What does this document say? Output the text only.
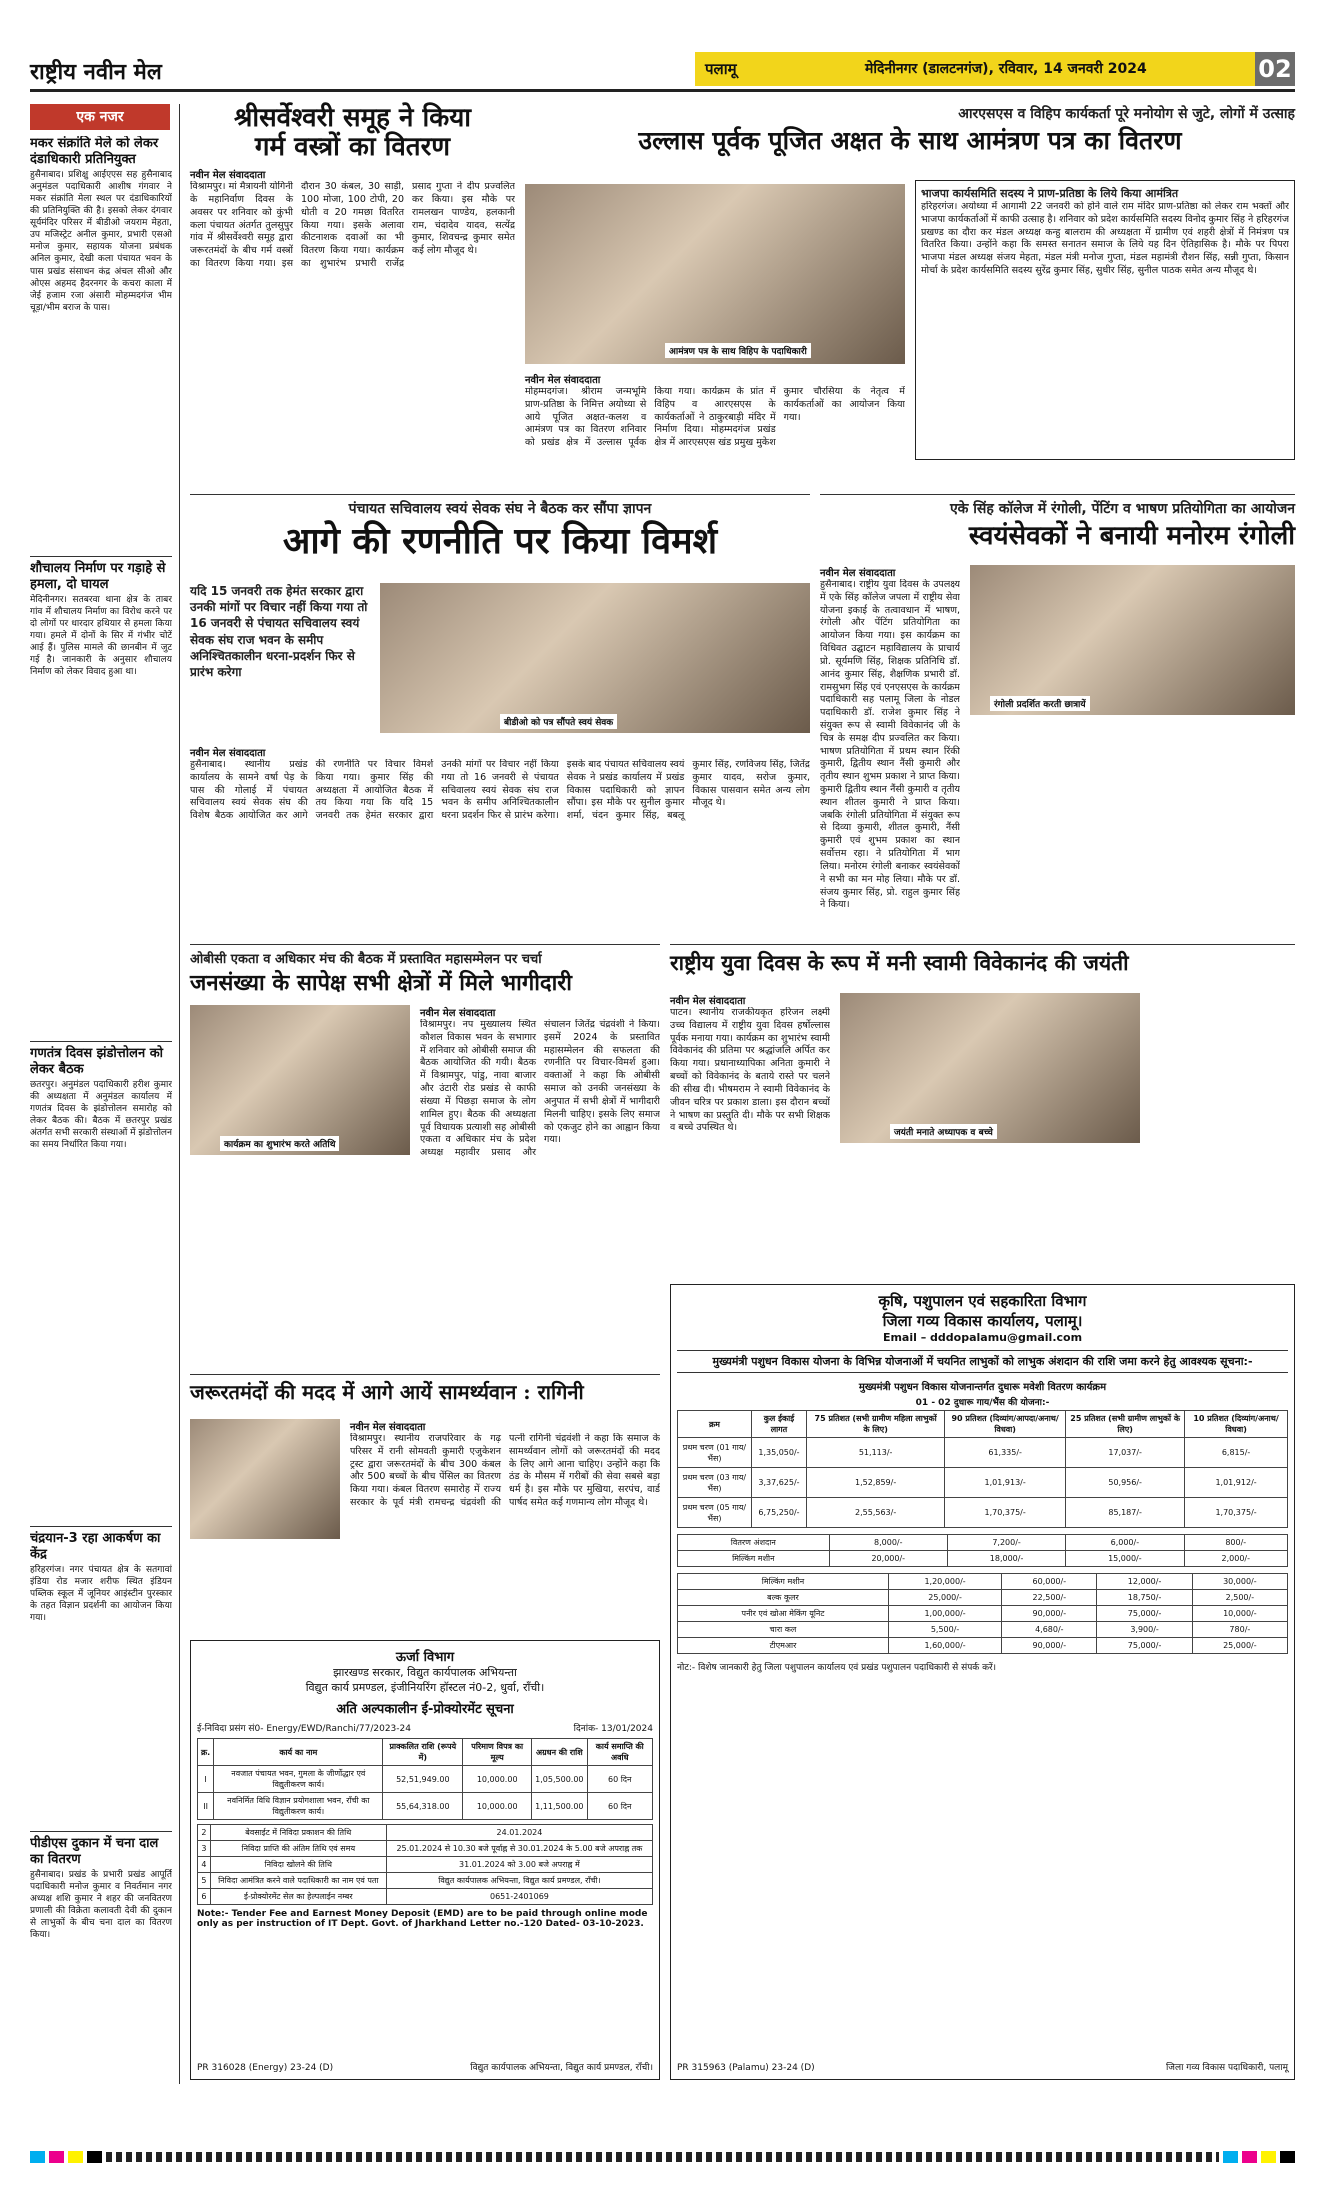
राष्ट्रीय नवीन मेल	पलामू	मेदिनीनगर (डालटनगंज), रविवार, 14 जनवरी 2024	02
एक नजर
मकर संक्रांति मेले को लेकर दंडाधिकारी प्रतिनियुक्त
हुसैनाबाद। प्रशिक्षु आईएएस सह हुसैनाबाद अनुमंडल पदाधिकारी आशीष गंगवार ने मकर संक्रांति मेला स्थल पर दंडाधिकारियों की प्रतिनियुक्ति की है। इसको लेकर दंगवार सूर्यमंदिर परिसर में बीडीओ जयराम मेहता, उप मजिस्ट्रेट अनील कुमार, प्रभारी एसओ मनोज कुमार, सहायक योजना प्रबंधक अनिल कुमार, देखी कला पंचायत भवन के पास प्रखंड संसाधन कंद्र अंचल सीओ और ओएस अहमद हैदरनगर के कचरा काला में जेई हजाम रजा अंसारी मोहम्मदगंज भीम चूड़ा/भीम बराज के पास।
शौचालय निर्माण पर गड़ाहे से हमला, दो घायल
मेदिनीनगर। सतबरवा थाना क्षेत्र के ताबर गांव में शौचालय निर्माण का विरोध करने पर दो लोगों पर धारदार हथियार से हमला किया गया। हमले में दोनों के सिर में गंभीर चोटें आई हैं। पुलिस मामले की छानबीन में जुट गई है। जानकारी के अनुसार शौचालय निर्माण को लेकर विवाद हुआ था।
गणतंत्र दिवस झंडोत्तोलन को लेकर बैठक
छतरपुर। अनुमंडल पदाधिकारी हरीश कुमार की अध्यक्षता में अनुमंडल कार्यालय में गणतंत्र दिवस के झंडोत्तोलन समारोह को लेकर बैठक की। बैठक में छतरपुर प्रखंड अंतर्गत सभी सरकारी संस्थाओं में झंडोत्तोलन का समय निर्धारित किया गया।
चंद्रयान-3 रहा आकर्षण का केंद्र
हरिहरगंज। नगर पंचायत क्षेत्र के सतगावां इंडिया रोड मजार शरीफ स्थित इंडियन पब्लिक स्कूल में जूनियर आइंस्टीन पुरस्कार के तहत विज्ञान प्रदर्शनी का आयोजन किया गया।
पीडीएस दुकान में चना दाल का वितरण
हुसैनाबाद। प्रखंड के प्रभारी प्रखंड आपूर्ति पदाधिकारी मनोज कुमार व निवर्तमान नगर अध्यक्ष शशि कुमार ने शहर की जनवितरण प्रणाली की विक्रेता कलावती देवी की दुकान से लाभुकों के बीच चना दाल का वितरण किया।
श्रीसर्वेश्वरी समूह ने किया
गर्म वस्त्रों का वितरण
नवीन मेल संवाददाता
विश्रामपुर। मां मैत्रायनी योगिनी के महानिर्वाण दिवस के अवसर पर शनिवार को कुंभी कला पंचायत अंतर्गत तुलसुपुर गांव में श्रीसर्वेश्वरी समूह द्वारा जरूरतमंदों के बीच गर्म वस्त्रों का वितरण किया गया। इस दौरान 30 कंबल, 30 साड़ी, 100 मोजा, 100 टोपी, 20 धोती व 20 गमछा वितरित किया गया। इसके अलावा कीटनाशक दवाओं का भी वितरण किया गया। कार्यक्रम का शुभारंभ प्रभारी राजेंद्र प्रसाद गुप्ता ने दीप प्रज्वलित कर किया। इस मौके पर रामलखन पाण्डेय, हलकानी राम, चंदादेव यादव, सत्येंद्र कुमार, शिवचन्द्र कुमार समेत कई लोग मौजूद थे।
आरएसएस व विहिप कार्यकर्ता पूरे मनोयोग से जुटे, लोगों में उत्साह
उल्लास पूर्वक पूजित अक्षत के साथ आमंत्रण पत्र का वितरण
आमंत्रण पत्र के साथ विहिप के पदाधिकारी
नवीन मेल संवाददाता
मोहम्मदगंज। श्रीराम जन्मभूमि प्राण-प्रतिष्ठा के निमित्त अयोध्या से आये पूजित अक्षत-कलश व आमंत्रण पत्र का वितरण शनिवार को प्रखंड क्षेत्र में उल्लास पूर्वक किया गया। कार्यक्रम के प्रांत में विहिप व आरएसएस के कार्यकर्ताओं ने ठाकुरबाड़ी मंदिर में निर्माण दिया। मोहम्मदगंज प्रखंड क्षेत्र में आरएसएस खंड प्रमुख मुकेश कुमार चौरसिया के नेतृत्व में कार्यकर्ताओं का आयोजन किया गया।
भाजपा कार्यसमिति सदस्य ने प्राण-प्रतिष्ठा के लिये किया आमंत्रित
हरिहरगंज। अयोध्या में आगामी 22 जनवरी को होने वाले राम मंदिर प्राण-प्रतिष्ठा को लेकर राम भक्तों और भाजपा कार्यकर्ताओं में काफी उत्साह है। शनिवार को प्रदेश कार्यसमिति सदस्य विनोद कुमार सिंह ने हरिहरगंज प्रखण्ड का दौरा कर मंडल अध्यक्ष कन्हु बालराम की अध्यक्षता में ग्रामीण एवं शहरी क्षेत्रों में निमंत्रण पत्र वितरित किया। उन्होंने कहा कि समस्त सनातन समाज के लिये यह दिन ऐतिहासिक है। मौके पर पिपरा भाजपा मंडल अध्यक्ष संजय मेहता, मंडल मंत्री मनोज गुप्ता, मंडल महामंत्री रौशन सिंह, सन्नी गुप्ता, किसान मोर्चा के प्रदेश कार्यसमिति सदस्य सुरेंद्र कुमार सिंह, सुधीर सिंह, सुनील पाठक समेत अन्य मौजूद थे।
पंचायत सचिवालय स्वयं सेवक संघ ने बैठक कर सौंपा ज्ञापन
आगे की रणनीति पर किया विमर्श
यदि 15 जनवरी तक हेमंत सरकार द्वारा उनकी मांगों पर विचार नहीं किया गया तो 16 जनवरी से पंचायत सचिवालय स्वयं सेवक संघ राज भवन के समीप अनिश्चितकालीन धरना-प्रदर्शन फिर से प्रारंभ करेगा
बीडीओ को पत्र सौंपते स्वयं सेवक
नवीन मेल संवाददाता
हुसैनाबाद। स्थानीय प्रखंड कार्यालय के सामने वर्षा पेड़ के पास की गोलाई में पंचायत सचिवालय स्वयं सेवक संघ की विशेष बैठक आयोजित कर आगे की रणनीति पर विचार विमर्श किया गया। कुमार सिंह की अध्यक्षता में आयोजित बैठक में तय किया गया कि यदि 15 जनवरी तक हेमंत सरकार द्वारा उनकी मांगों पर विचार नहीं किया गया तो 16 जनवरी से पंचायत सचिवालय स्वयं सेवक संघ राज भवन के समीप अनिश्चितकालीन धरना प्रदर्शन फिर से प्रारंभ करेगा। इसके बाद पंचायत सचिवालय स्वयं सेवक ने प्रखंड कार्यालय में प्रखंड विकास पदाधिकारी को ज्ञापन सौंपा। इस मौके पर सुनील कुमार शर्मा, चंदन कुमार सिंह, बबलू कुमार सिंह, रणविजय सिंह, जितेंद्र कुमार यादव, सरोज कुमार, विकास पासवान समेत अन्य लोग मौजूद थे।
एके सिंह कॉलेज में रंगोली, पेंटिंग व भाषण प्रतियोगिता का आयोजन
स्वयंसेवकों ने बनायी मनोरम रंगोली
नवीन मेल संवाददाता
हुसैनाबाद। राष्ट्रीय युवा दिवस के उपलक्ष्य में एके सिंह कॉलेज जपला में राष्ट्रीय सेवा योजना इकाई के तत्वावधान में भाषण, रंगोली और पेंटिंग प्रतियोगिता का आयोजन किया गया। इस कार्यक्रम का विधिवत उद्घाटन महाविद्यालय के प्राचार्य प्रो. सूर्यमणि सिंह, शिक्षक प्रतिनिधि डॉ. आनंद कुमार सिंह, शैक्षणिक प्रभारी डॉ. रामसुभग सिंह एवं एनएसएस के कार्यक्रम पदाधिकारी सह पलामू जिला के नोडल पदाधिकारी डॉ. राजेश कुमार सिंह ने संयुक्त रूप से स्वामी विवेकानंद जी के चित्र के समक्ष दीप प्रज्वलित कर किया। भाषण प्रतियोगिता में प्रथम स्थान रिंकी कुमारी, द्वितीय स्थान नैंसी कुमारी और तृतीय स्थान शुभम प्रकाश ने प्राप्त किया। कुमारी द्वितीय स्थान नैंसी कुमारी व तृतीय स्थान शीतल कुमारी ने प्राप्त किया। जबकि रंगोली प्रतियोगिता में संयुक्त रूप से दिव्या कुमारी, शीतल कुमारी, नैंसी कुमारी एवं शुभम प्रकाश का स्थान सर्वोत्तम रहा। ने प्रतियोगिता में भाग लिया। मनोरम रंगोली बनाकर स्वयंसेवकों ने सभी का मन मोह लिया। मौके पर डॉ. संजय कुमार सिंह, प्रो. राहुल कुमार सिंह ने किया।
रंगोली प्रदर्शित करती छात्रायें
ओबीसी एकता व अधिकार मंच की बैठक में प्रस्तावित महासम्मेलन पर चर्चा
जनसंख्या के सापेक्ष सभी क्षेत्रों में मिले भागीदारी
कार्यक्रम का शुभारंभ करते अतिथि
नवीन मेल संवाददाता
विश्रामपुर। नप मुख्यालय स्थित कौशल विकास भवन के सभागार में शनिवार को ओबीसी समाज की बैठक आयोजित की गयी। बैठक में विश्रामपुर, पांडु, नावा बाजार और उंटारी रोड प्रखंड से काफी संख्या में पिछड़ा समाज के लोग शामिल हुए। बैठक की अध्यक्षता पूर्व विधायक प्रत्याशी सह ओबीसी एकता व अधिकार मंच के प्रदेश अध्यक्ष महावीर प्रसाद और संचालन जितेंद्र चंद्रवंशी ने किया। इसमें 2024 के प्रस्तावित महासम्मेलन की सफलता की रणनीति पर विचार-विमर्श हुआ। वक्ताओं ने कहा कि ओबीसी समाज को उनकी जनसंख्या के अनुपात में सभी क्षेत्रों में भागीदारी मिलनी चाहिए। इसके लिए समाज को एकजुट होने का आह्वान किया गया।
राष्ट्रीय युवा दिवस के रूप में मनी स्वामी विवेकानंद की जयंती
नवीन मेल संवाददाता
पाटन। स्थानीय राजकीयकृत हरिजन लक्ष्मी उच्च विद्यालय में राष्ट्रीय युवा दिवस हर्षोल्लास पूर्वक मनाया गया। कार्यक्रम का शुभारंभ स्वामी विवेकानंद की प्रतिमा पर श्रद्धांजलि अर्पित कर किया गया। प्रधानाध्यापिका अनिता कुमारी ने बच्चों को विवेकानंद के बताये रास्ते पर चलने की सीख दी। भीषमराम ने स्वामी विवेकानंद के जीवन चरित्र पर प्रकाश डाला। इस दौरान बच्चों ने भाषण का प्रस्तुति दी। मौके पर सभी शिक्षक व बच्चे उपस्थित थे।	जयंती मनाते अध्यापक व बच्चे
जरूरतमंदों की मदद में आगे आयें सामर्थ्यवान : रागिनी
नवीन मेल संवाददाता
विश्रामपुर। स्थानीय राजपरिवार के गढ़ परिसर में रानी सोमवती कुमारी एजुकेशन ट्रस्ट द्वारा जरूरतमंदों के बीच 300 कंबल और 500 बच्चों के बीच पेंसिल का वितरण किया गया। कंबल वितरण समारोह में राज्य सरकार के पूर्व मंत्री रामचन्द्र चंद्रवंशी की पत्नी रागिनी चंद्रवंशी ने कहा कि समाज के सामर्थ्यवान लोगों को जरूरतमंदों की मदद के लिए आगे आना चाहिए। उन्होंने कहा कि ठंड के मौसम में गरीबों की सेवा सबसे बड़ा धर्म है। इस मौके पर मुखिया, सरपंच, वार्ड पार्षद समेत कई गणमान्य लोग मौजूद थे।
ऊर्जा विभाग
झारखण्ड सरकार, विद्युत कार्यपालक अभियन्ता
विद्युत कार्य प्रमण्डल, इंजीनियरिंग हॉस्टल नं0-2, धुर्वा, राँची।
अति अल्पकालीन ई-प्रोक्योरमेंट सूचना
ई-निविदा प्रसंग सं0- Energy/EWD/Ranchi/77/2023-24	दिनांक- 13/01/2024
क्र.	कार्य का नाम	प्राक्कलित राशि (रूपये में)	परिमाण विपत्र का मूल्य	अग्रधन की राशि	कार्य समाप्ति की अवधि
I	नवजात पंचायत भवन, गुमला के जीर्णोद्धार एवं विद्युतीकरण कार्य।	52,51,949.00	10,000.00	1,05,500.00	60 दिन
II	नवनिर्मित विधि विज्ञान प्रयोगशाला भवन, राँची का विद्युतीकरण कार्य।	55,64,318.00	10,000.00	1,11,500.00	60 दिन
2	बेवसाईट में निविदा प्रकाशन की तिथि	24.01.2024
3	निविदा प्राप्ति की अंतिम तिथि एवं समय	25.01.2024 से 10.30 बजे पूर्वाह्न से 30.01.2024 के 5.00 बजे अपराह्न तक
4	निविदा खोलने की तिथि	31.01.2024 को 3.00 बजे अपराह्न में
5	निविदा आमंत्रित करने वाले पदाधिकारी का नाम एवं पता	विद्युत कार्यपालक अभियन्ता, विद्युत कार्य प्रमण्डल, राँची।
6	ई-प्रोक्योरमेंट सेल का हेल्पलाईन नम्बर	0651-2401069
Note:- Tender Fee and Earnest Money Deposit (EMD) are to be paid through online mode only as per instruction of IT Dept. Govt. of Jharkhand Letter no.-120 Dated- 03-10-2023.
PR 316028 (Energy) 23-24 (D)	विद्युत कार्यपालक अभियन्ता, विद्युत कार्य प्रमण्डल, राँची।
कृषि, पशुपालन एवं सहकारिता विभाग
जिला गव्य विकास कार्यालय, पलामू।
Email – dddopalamu@gmail.com
मुख्यमंत्री पशुधन विकास योजना के विभिन्न योजनाओं में चयनित लाभुकों को लाभुक अंशदान की राशि जमा करने हेतु आवश्यक सूचना:-
मुख्यमंत्री पशुधन विकास योजनान्तर्गत दुधारू मवेशी वितरण कार्यक्रम
01 - 02 दुधारू गाय/भैंस की योजना:-
क्रम	कुल ईकाई लागत	75 प्रतिशत (सभी ग्रामीण महिला लाभुकों के लिए)	90 प्रतिशत (दिव्यांग/आपदा/अनाथ/विधवा)	25 प्रतिशत (सभी ग्रामीण लाभुकों के लिए)	10 प्रतिशत (दिव्यांग/अनाथ/विधवा)
प्रथम चरण (01 गाय/भैंस)	1,35,050/-	51,113/-	61,335/-	17,037/-	6,815/-
प्रथम चरण (03 गाय/भैंस)	3,37,625/-	1,52,859/-	1,01,913/-	50,956/-	1,01,912/-
प्रथम चरण (05 गाय/भैंस)	6,75,250/-	2,55,563/-	1,70,375/-	85,187/-	1,70,375/-
वितरण अंशदान	8,000/-	7,200/-	6,000/-	800/-
मिल्किंग मशीन	20,000/-	18,000/-	15,000/-	2,000/-
मिल्किंग मशीन	1,20,000/-	60,000/-	12,000/-	30,000/-
बल्क कूलर	25,000/-	22,500/-	18,750/-	2,500/-
पनीर एवं खोआ मेकिंग यूनिट	1,00,000/-	90,000/-	75,000/-	10,000/-
चारा कल	5,500/-	4,680/-	3,900/-	780/-
टीएमआर	1,60,000/-	90,000/-	75,000/-	25,000/-
नोट:- विशेष जानकारी हेतु जिला पशुपालन कार्यालय एवं प्रखंड पशुपालन पदाधिकारी से संपर्क करें।
PR 315963 (Palamu) 23-24 (D)	जिला गव्य विकास पदाधिकारी, पलामू
